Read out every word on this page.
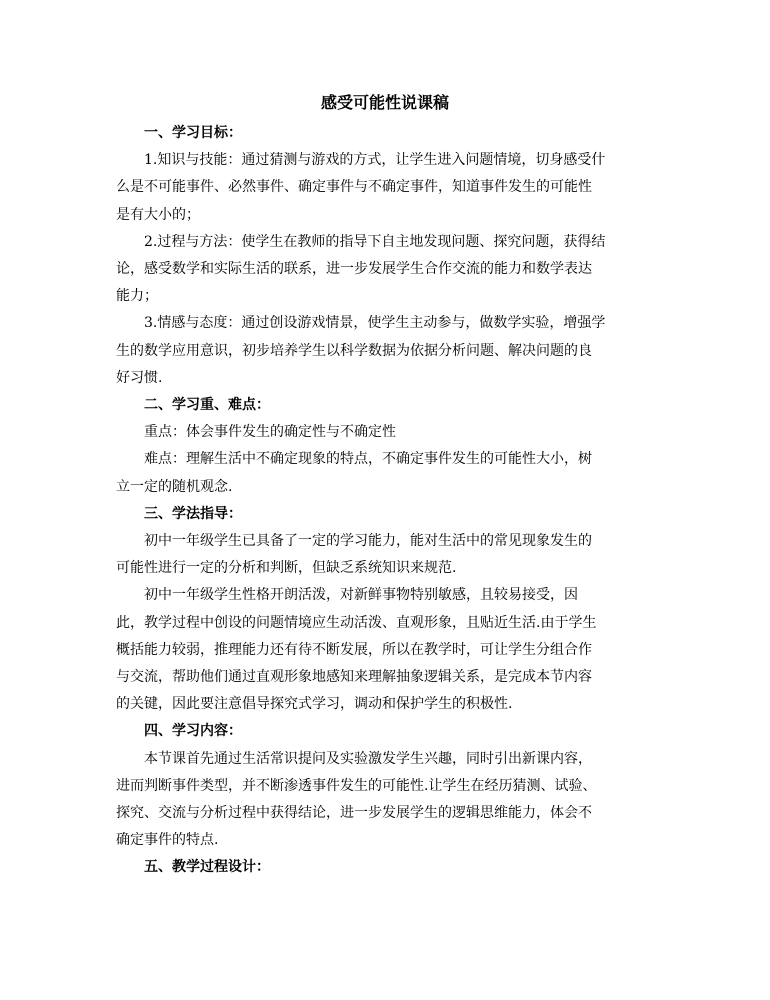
感受可能性说课稿

一、学习目标：

1.知识与技能：通过猜测与游戏的方式，让学生进入问题情境，切身感受什
么是不可能事件、必然事件、确定事件与不确定事件，知道事件发生的可能性
是有大小的；

2.过程与方法：使学生在教师的指导下自主地发现问题、探究问题，获得结
论，感受数学和实际生活的联系，进一步发展学生合作交流的能力和数学表达
能力；

3.情感与态度：通过创设游戏情景，使学生主动参与，做数学实验，增强学
生的数学应用意识，初步培养学生以科学数据为依据分析问题、解决问题的良
好习惯.

二、学习重、难点：

重点：体会事件发生的确定性与不确定性

难点：理解生活中不确定现象的特点，不确定事件发生的可能性大小，树
立一定的随机观念.

三、学法指导：

初中一年级学生已具备了一定的学习能力，能对生活中的常见现象发生的
可能性进行一定的分析和判断，但缺乏系统知识来规范.

初中一年级学生性格开朗活泼，对新鲜事物特别敏感，且较易接受，因
此，教学过程中创设的问题情境应生动活泼、直观形象，且贴近生活.由于学生
概括能力较弱，推理能力还有待不断发展，所以在教学时，可让学生分组合作
与交流，帮助他们通过直观形象地感知来理解抽象逻辑关系，是完成本节内容
的关键，因此要注意倡导探究式学习，调动和保护学生的积极性.

四、学习内容：

本节课首先通过生活常识提问及实验激发学生兴趣，同时引出新课内容，
进而判断事件类型，并不断渗透事件发生的可能性.让学生在经历猜测、试验、
探究、交流与分析过程中获得结论，进一步发展学生的逻辑思维能力，体会不
确定事件的特点.

五、教学过程设计：
